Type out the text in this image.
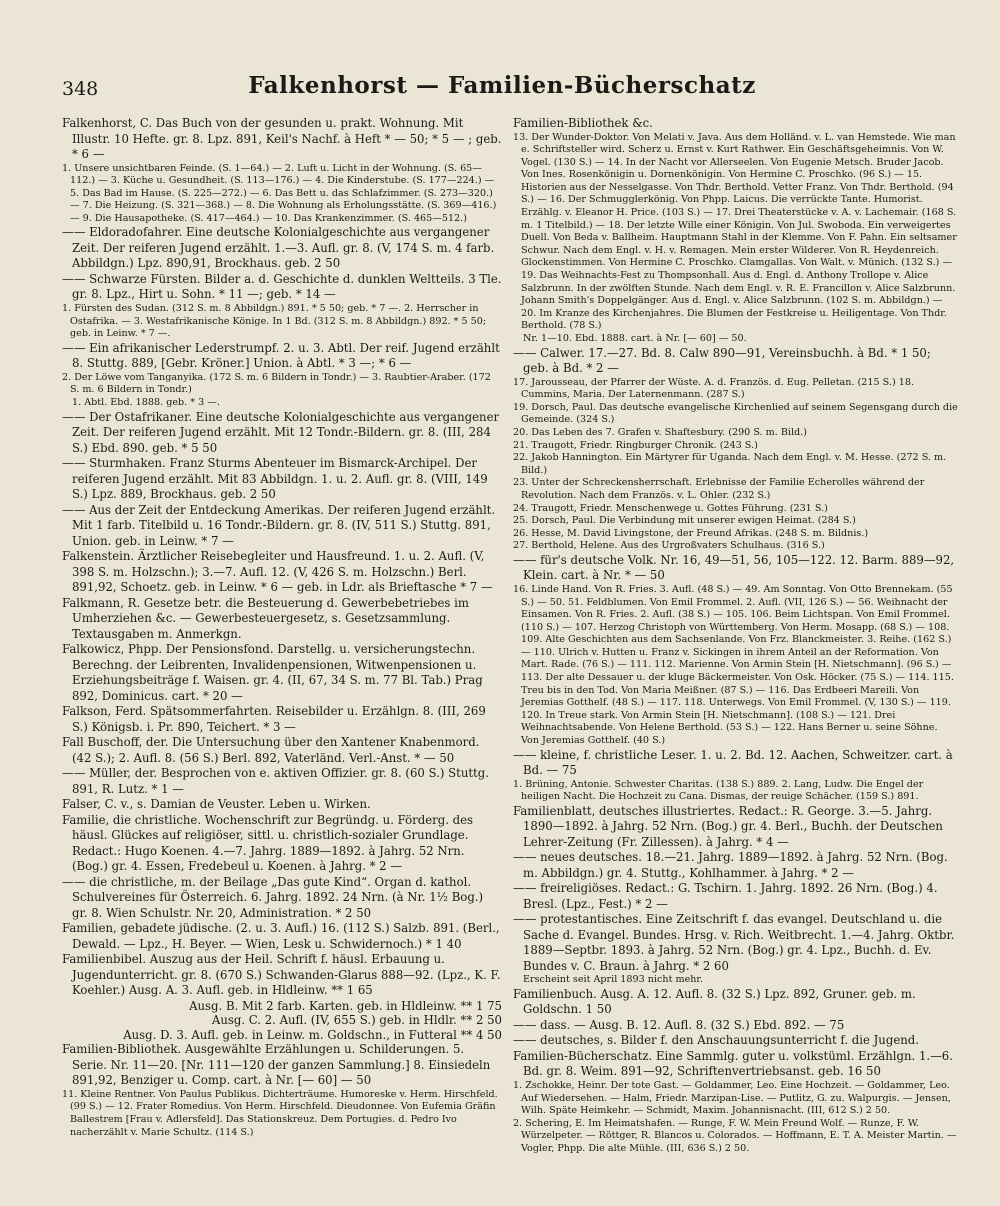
348	Falkenhorst — Familien-Bücherschatz

Falkenhorst, C. Das Buch von der gesunden u. prakt. Wohnung. Mit Illustr. 10 Hefte. gr. 8. Lpz. 891, Keil's Nachf. à Heft * — 50; * 5 — ; geb. * 6 —

1. Unsere unsichtbaren Feinde. (S. 1—64.) — 2. Luft u. Licht in der Wohnung. (S. 65—112.) — 3. Küche u. Gesundheit. (S. 113—176.) — 4. Die Kinderstube. (S. 177—224.) — 5. Das Bad im Hause. (S. 225—272.) — 6. Das Bett u. das Schlafzimmer. (S. 273—320.) — 7. Die Heizung. (S. 321—368.) — 8. Die Wohnung als Erholungsstätte. (S. 369—416.) — 9. Die Hausapotheke. (S. 417—464.) — 10. Das Krankenzimmer. (S. 465—512.)

—— Eldoradofahrer. Eine deutsche Kolonialgeschichte aus vergangener Zeit. Der reiferen Jugend erzählt. 1.—3. Aufl. gr. 8. (V, 174 S. m. 4 farb. Abbildgn.) Lpz. 890,91, Brockhaus. geb. 2 50

—— Schwarze Fürsten. Bilder a. d. Geschichte d. dunklen Weltteils. 3 Tle. gr. 8. Lpz., Hirt u. Sohn. * 11 —; geb. * 14 —

1. Fürsten des Sudan. (312 S. m. 8 Abbildgn.) 891. * 5 50; geb. * 7 —. 2. Herrscher in Ostafrika. — 3. Westafrikanische Könige. In 1 Bd. (312 S. m. 8 Abbildgn.) 892. * 5 50; geb. in Leinw. * 7 —.

—— Ein afrikanischer Lederstrumpf. 2. u. 3. Abtl. Der reif. Jugend erzählt 8. Stuttg. 889, [Gebr. Kröner.] Union. à Abtl. * 3 —; * 6 —

2. Der Löwe vom Tanganyika. (172 S. m. 6 Bildern in Tondr.) — 3. Raubtier-Araber. (172 S. m. 6 Bildern in Tondr.)

1. Abtl. Ebd. 1888. geb. * 3 —.

—— Der Ostafrikaner. Eine deutsche Kolonialgeschichte aus vergangener Zeit. Der reiferen Jugend erzählt. Mit 12 Tondr.-Bildern. gr. 8. (III, 284 S.) Ebd. 890. geb. * 5 50

—— Sturmhaken. Franz Sturms Abenteuer im Bismarck-Archipel. Der reiferen Jugend erzählt. Mit 83 Abbildgn. 1. u. 2. Aufl. gr. 8. (VIII, 149 S.) Lpz. 889, Brockhaus. geb. 2 50

—— Aus der Zeit der Entdeckung Amerikas. Der reiferen Jugend erzählt. Mit 1 farb. Titelbild u. 16 Tondr.-Bildern. gr. 8. (IV, 511 S.) Stuttg. 891, Union. geb. in Leinw. * 7 —

Falkenstein. Ärztlicher Reisebegleiter und Hausfreund. 1. u. 2. Aufl. (V, 398 S. m. Holzschn.); 3.—7. Aufl. 12. (V, 426 S. m. Holzschn.) Berl. 891,92, Schoetz. geb. in Leinw. * 6 — geb. in Ldr. als Brieftasche * 7 —

Falkmann, R. Gesetze betr. die Besteuerung d. Gewerbebetriebes im Umherziehen &c. — Gewerbesteuergesetz, s. Gesetzsammlung. Textausgaben m. Anmerkgn.

Falkowicz, Phpp. Der Pensionsfond. Darstellg. u. versicherungstechn. Berechng. der Leibrenten, Invalidenpensionen, Witwenpensionen u. Erziehungsbeiträge f. Waisen. gr. 4. (II, 67, 34 S. m. 77 Bl. Tab.) Prag 892, Dominicus. cart. * 20 —

Falkson, Ferd. Spätsommerfahrten. Reisebilder u. Erzählgn. 8. (III, 269 S.) Königsb. i. Pr. 890, Teichert. * 3 —

Fall Buschoff, der. Die Untersuchung über den Xantener Knabenmord. (42 S.); 2. Aufl. 8. (56 S.) Berl. 892, Vaterländ. Verl.-Anst. * — 50

—— Müller, der. Besprochen von e. aktiven Offizier. gr. 8. (60 S.) Stuttg. 891, R. Lutz. * 1 —

Falser, C. v., s. Damian de Veuster. Leben u. Wirken.

Familie, die christliche. Wochenschrift zur Begründg. u. Förderg. des häusl. Glückes auf religiöser, sittl. u. christlich-sozialer Grundlage. Redact.: Hugo Koenen. 4.—7. Jahrg. 1889—1892. à Jahrg. 52 Nrn. (Bog.) gr. 4. Essen, Fredebeul u. Koenen. à Jahrg. * 2 —

—— die christliche, m. der Beilage „Das gute Kind“. Organ d. kathol. Schulvereines für Österreich. 6. Jahrg. 1892. 24 Nrn. (à Nr. 1½ Bog.) gr. 8. Wien Schulstr. Nr. 20, Administration. * 2 50

Familien, gebadete jüdische. (2. u. 3. Aufl.) 16. (112 S.) Salzb. 891. (Berl., Dewald. — Lpz., H. Beyer. — Wien, Lesk u. Schwidernoch.) * 1 40

Familienbibel. Auszug aus der Heil. Schrift f. häusl. Erbauung u. Jugendunterricht. gr. 8. (670 S.) Schwanden-Glarus 888—92. (Lpz., K. F. Koehler.) Ausg. A. 3. Aufl. geb. in Hldleinw. ** 1 65

Ausg. B. Mit 2 farb. Karten. geb. in Hldleinw. ** 1 75

Ausg. C. 2. Aufl. (IV, 655 S.) geb. in Hldlr. ** 2 50

Ausg. D. 3. Aufl. geb. in Leinw. m. Goldschn., in Futteral ** 4 50

Familien-Bibliothek. Ausgewählte Erzählungen u. Schilderungen. 5. Serie. Nr. 11—20. [Nr. 111—120 der ganzen Sammlung.] 8. Einsiedeln 891,92, Benziger u. Comp. cart. à Nr. [— 60] — 50

11. Kleine Rentner. Von Paulus Publikus. Dichterträume. Humoreske v. Herm. Hirschfeld. (99 S.) — 12. Frater Romedius. Von Herm. Hirschfeld. Dieudonnee. Von Eufemia Gräfin Ballestrem [Frau v. Adlersfeld]. Das Stationskreuz. Dem Portugies. d. Pedro Ivo nacherzählt v. Marie Schultz. (114 S.)

Familien-Bibliothek &c.

13. Der Wunder-Doktor. Von Melati v. Java. Aus dem Holländ. v. L. van Hemstede. Wie man e. Schriftsteller wird. Scherz u. Ernst v. Kurt Rathwer. Ein Geschäftsgeheimnis. Von W. Vogel. (130 S.) — 14. In der Nacht vor Allerseelen. Von Eugenie Metsch. Bruder Jacob. Von Ines. Rosenkönigin u. Dornenkönigin. Von Hermine C. Proschko. (96 S.) — 15. Historien aus der Nesselgasse. Von Thdr. Berthold. Vetter Franz. Von Thdr. Berthold. (94 S.) — 16. Der Schmugglerkönig. Von Phpp. Laicus. Die verrückte Tante. Humorist. Erzählg. v. Eleanor H. Price. (103 S.) — 17. Drei Theaterstücke v. A. v. Lachemair. (168 S. m. 1 Titelbild.) — 18. Der letzte Wille einer Königin. Von Jul. Swoboda. Ein verweigertes Duell. Von Beda v. Ballheim. Hauptmann Stahl in der Klemme. Von F. Pahn. Ein seltsamer Schwur. Nach dem Engl. v. H. v. Remagen. Mein erster Wilderer. Von R. Heydenreich. Glockenstimmen. Von Hermine C. Proschko. Clamgallas. Von Walt. v. Münich. (132 S.) — 19. Das Weihnachts-Fest zu Thompsonhall. Aus d. Engl. d. Anthony Trollope v. Alice Salzbrunn. In der zwölften Stunde. Nach dem Engl. v. R. E. Francillon v. Alice Salzbrunn. Johann Smith's Doppelgänger. Aus d. Engl. v. Alice Salzbrunn. (102 S. m. Abbildgn.) — 20. Im Kranze des Kirchenjahres. Die Blumen der Festkreise u. Heiligentage. Von Thdr. Berthold. (78 S.)

Nr. 1—10. Ebd. 1888. cart. à Nr. [— 60] — 50.

—— Calwer. 17.—27. Bd. 8. Calw 890—91, Vereinsbuchh. à Bd. * 1 50; geb. à Bd. * 2 —

17. Jarousseau, der Pfarrer der Wüste. A. d. Französ. d. Eug. Pelletan. (215 S.) 18. Cummins, Maria. Der Laternenmann. (287 S.)

19. Dorsch, Paul. Das deutsche evangelische Kirchenlied auf seinem Segensgang durch die Gemeinde. (324 S.)

20. Das Leben des 7. Grafen v. Shaftesbury. (290 S. m. Bild.)

21. Traugott, Friedr. Ringburger Chronik. (243 S.)

22. Jakob Hannington. Ein Märtyrer für Uganda. Nach dem Engl. v. M. Hesse. (272 S. m. Bild.)

23. Unter der Schreckensherrschaft. Erlebnisse der Familie Echerolles während der Revolution. Nach dem Französ. v. L. Ohler. (232 S.)

24. Traugott, Friedr. Menschenwege u. Gottes Führung. (231 S.)

25. Dorsch, Paul. Die Verbindung mit unserer ewigen Heimat. (284 S.)

26. Hesse, M. David Livingstone, der Freund Afrikas. (248 S. m. Bildnis.)

27. Berthold, Helene. Aus des Urgroßvaters Schulhaus. (316 S.)

—— für's deutsche Volk. Nr. 16, 49—51, 56, 105—122. 12. Barm. 889—92, Klein. cart. à Nr. * — 50

16. Linde Hand. Von R. Fries. 3. Aufl. (48 S.) — 49. Am Sonntag. Von Otto Brennekam. (55 S.) — 50. 51. Feldblumen. Von Emil Frommel. 2. Aufl. (VII, 126 S.) — 56. Weihnacht der Einsamen. Von R. Fries. 2. Aufl. (38 S.) — 105. 106. Beim Lichtspan. Von Emil Frommel. (110 S.) — 107. Herzog Christoph von Württemberg. Von Herm. Mosapp. (68 S.) — 108. 109. Alte Geschichten aus dem Sachsenlande. Von Frz. Blanckmeister. 3. Reihe. (162 S.) — 110. Ulrich v. Hutten u. Franz v. Sickingen in ihrem Anteil an der Reformation. Von Mart. Rade. (76 S.) — 111. 112. Marienne. Von Armin Stein [H. Nietschmann]. (96 S.) — 113. Der alte Dessauer u. der kluge Bäckermeister. Von Osk. Höcker. (75 S.) — 114. 115. Treu bis in den Tod. Von Maria Meißner. (87 S.) — 116. Das Erdbeeri Mareili. Von Jeremias Gotthelf. (48 S.) — 117. 118. Unterwegs. Von Emil Frommel. (V, 130 S.) — 119. 120. In Treue stark. Von Armin Stein [H. Nietschmann]. (108 S.) — 121. Drei Weihnachtsabende. Von Helene Berthold. (53 S.) — 122. Hans Berner u. seine Söhne. Von Jeremias Gotthelf. (40 S.)

—— kleine, f. christliche Leser. 1. u. 2. Bd. 12. Aachen, Schweitzer. cart. à Bd. — 75

1. Brüning, Antonie. Schwester Charitas. (138 S.) 889. 2. Lang, Ludw. Die Engel der heiligen Nacht. Die Hochzeit zu Cana. Dismas, der reuige Schächer. (159 S.) 891.

Familienblatt, deutsches illustriertes. Redact.: R. George. 3.—5. Jahrg. 1890—1892. à Jahrg. 52 Nrn. (Bog.) gr. 4. Berl., Buchh. der Deutschen Lehrer-Zeitung (Fr. Zillessen). à Jahrg. * 4 —

—— neues deutsches. 18.—21. Jahrg. 1889—1892. à Jahrg. 52 Nrn. (Bog. m. Abbildgn.) gr. 4. Stuttg., Kohlhammer. à Jahrg. * 2 —

—— freireligiöses. Redact.: G. Tschirn. 1. Jahrg. 1892. 26 Nrn. (Bog.) 4. Bresl. (Lpz., Fest.) * 2 —

—— protestantisches. Eine Zeitschrift f. das evangel. Deutschland u. die Sache d. Evangel. Bundes. Hrsg. v. Rich. Weitbrecht. 1.—4. Jahrg. Oktbr. 1889—Septbr. 1893. à Jahrg. 52 Nrn. (Bog.) gr. 4. Lpz., Buchh. d. Ev. Bundes v. C. Braun. à Jahrg. * 2 60

Erscheint seit April 1893 nicht mehr.

Familienbuch. Ausg. A. 12. Aufl. 8. (32 S.) Lpz. 892, Gruner. geb. m. Goldschn. 1 50

—— dass. — Ausg. B. 12. Aufl. 8. (32 S.) Ebd. 892. — 75

—— deutsches, s. Bilder f. den Anschauungsunterricht f. die Jugend.

Familien-Bücherschatz. Eine Sammlg. guter u. volkstüml. Erzählgn. 1.—6. Bd. gr. 8. Weim. 891—92, Schriftenvertriebsanst. geb. 16 50

1. Zschokke, Heinr. Der tote Gast. — Goldammer, Leo. Eine Hochzeit. — Goldammer, Leo. Auf Wiedersehen. — Halm, Friedr. Marzipan-Lise. — Putlitz, G. zu. Walpurgis. — Jensen, Wilh. Späte Heimkehr. — Schmidt, Maxim. Johannisnacht. (III, 612 S.) 2 50.

2. Schering, E. Im Heimatshafen. — Runge, F. W. Mein Freund Wolf. — Runze, F. W. Würzelpeter. — Röttger, R. Blancos u. Colorados. — Hoffmann, E. T. A. Meister Martin. — Vogler, Phpp. Die alte Mühle. (III, 636 S.) 2 50.
